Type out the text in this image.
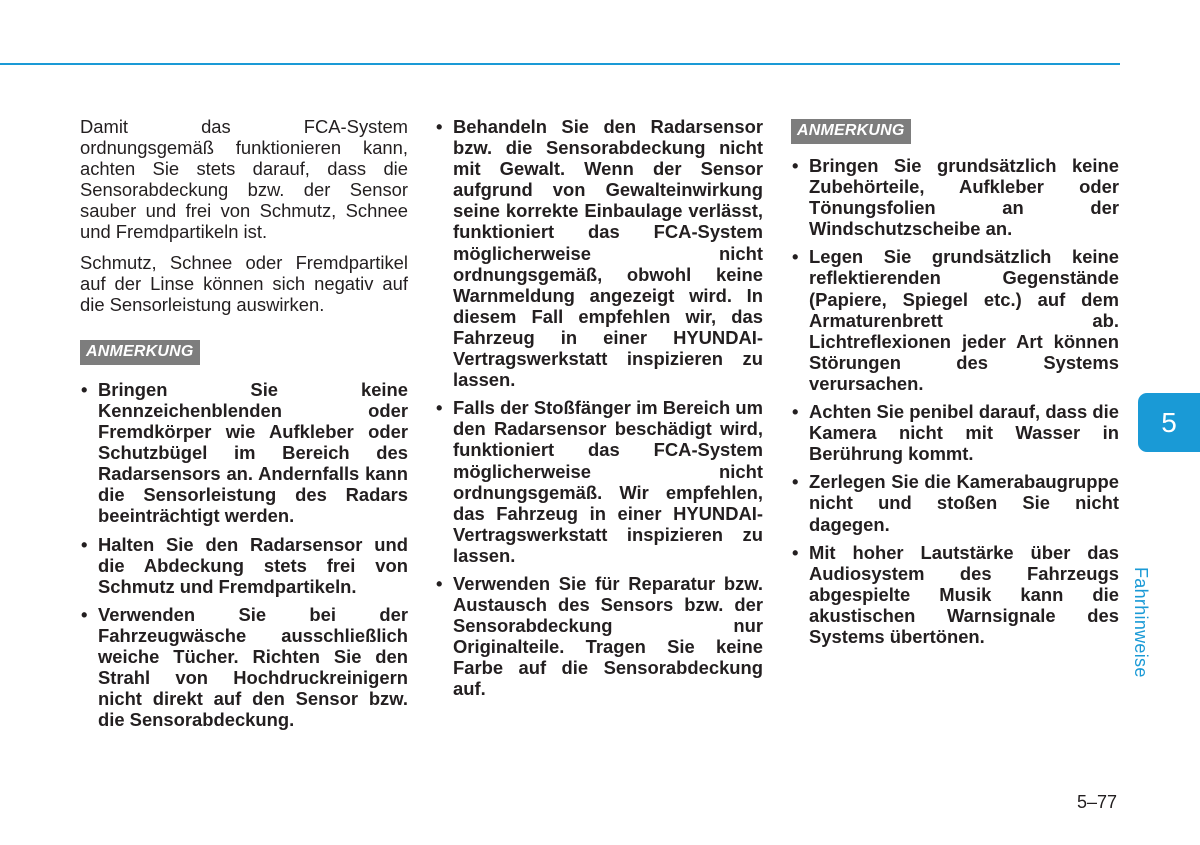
Damit das FCA-System ordnungsgemäß funktionieren kann, achten Sie stets darauf, dass die Sensorabdeckung bzw. der Sensor sauber und frei von Schmutz, Schnee und Fremdpartikeln ist.

Schmutz, Schnee oder Fremdpartikel auf der Linse können sich negativ auf die Sensorleistung auswirken.

ANMERKUNG
• Bringen Sie keine Kennzeichenblenden oder Fremdkörper wie Aufkleber oder Schutzbügel im Bereich des Radarsensors an. Andernfalls kann die Sensorleistung des Radars beeinträchtigt werden.
• Halten Sie den Radarsensor und die Abdeckung stets frei von Schmutz und Fremdpartikeln.
• Verwenden Sie bei der Fahrzeugwäsche ausschließlich weiche Tücher. Richten Sie den Strahl von Hochdruckreinigern nicht direkt auf den Sensor bzw. die Sensorabdeckung.
• Behandeln Sie den Radarsensor bzw. die Sensorabdeckung nicht mit Gewalt. Wenn der Sensor aufgrund von Gewalteinwirkung seine korrekte Einbaulage verlässt, funktioniert das FCA-System möglicherweise nicht ordnungsgemäß, obwohl keine Warnmeldung angezeigt wird. In diesem Fall empfehlen wir, das Fahrzeug in einer HYUNDAI-Vertragswerkstatt inspizieren zu lassen.
• Falls der Stoßfänger im Bereich um den Radarsensor beschädigt wird, funktioniert das FCA-System möglicherweise nicht ordnungsgemäß. Wir empfehlen, das Fahrzeug in einer HYUNDAI-Vertragswerkstatt inspizieren zu lassen.
• Verwenden Sie für Reparatur bzw. Austausch des Sensors bzw. der Sensorabdeckung nur Originalteile. Tragen Sie keine Farbe auf die Sensorabdeckung auf.
ANMERKUNG
• Bringen Sie grundsätzlich keine Zubehörteile, Aufkleber oder Tönungsfolien an der Windschutzscheibe an.
• Legen Sie grundsätzlich keine reflektierenden Gegenstände (Papiere, Spiegel etc.) auf dem Armaturenbrett ab. Lichtreflexionen jeder Art können Störungen des Systems verursachen.
• Achten Sie penibel darauf, dass die Kamera nicht mit Wasser in Berührung kommt.
• Zerlegen Sie die Kamerabaugruppe nicht und stoßen Sie nicht dagegen.
• Mit hoher Lautstärke über das Audiosystem des Fahrzeugs abgespielte Musik kann die akustischen Warnsignale des Systems übertönen.
5
Fahrhinweise
5–77
